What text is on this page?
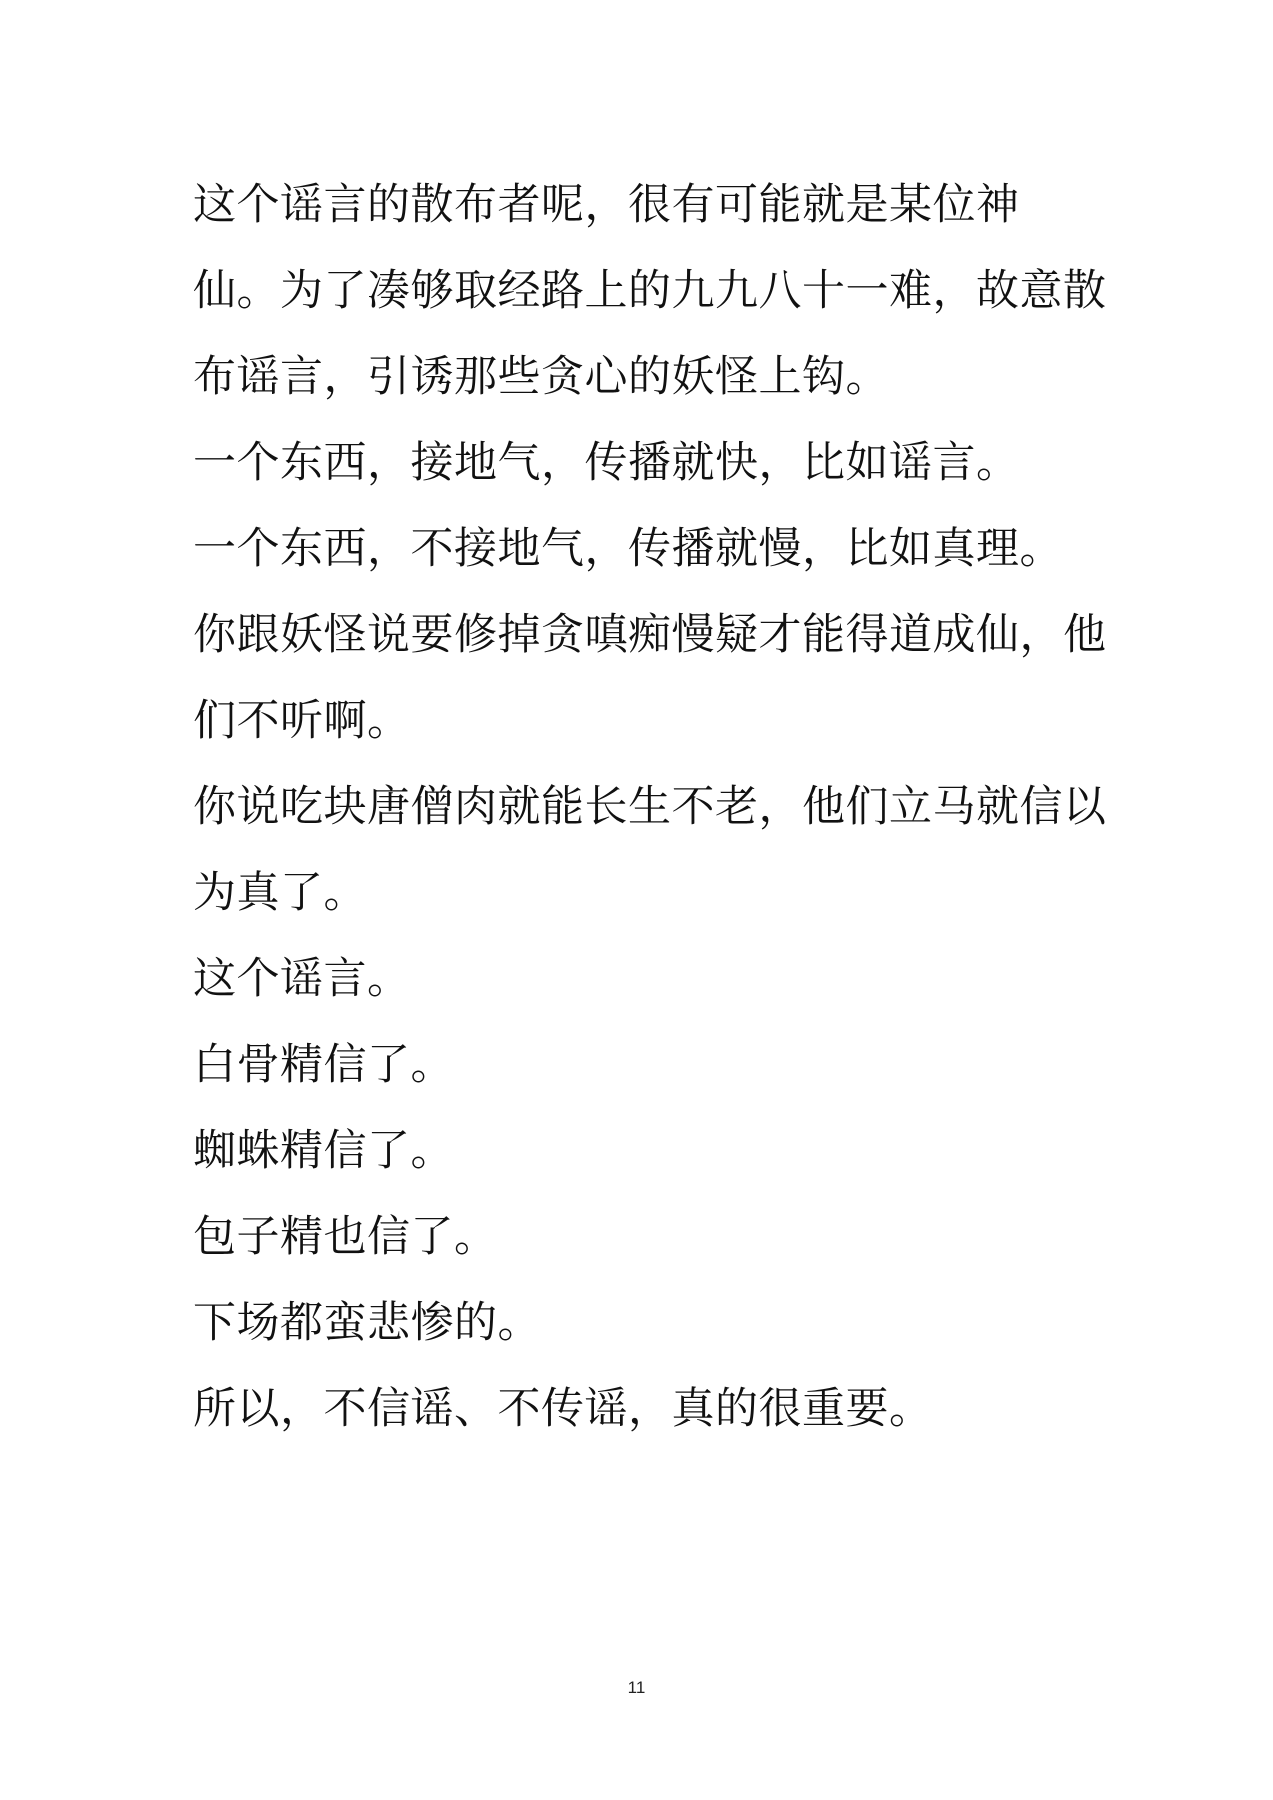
这个谣言的散布者呢，很有可能就是某位神
仙。为了凑够取经路上的九九八十一难，故意散
布谣言，引诱那些贪心的妖怪上钩。
一个东西，接地气，传播就快，比如谣言。
一个东西，不接地气，传播就慢，比如真理。
你跟妖怪说要修掉贪嗔痴慢疑才能得道成仙，他
们不听啊。
你说吃块唐僧肉就能长生不老，他们立马就信以
为真了。
这个谣言。
白骨精信了。
蜘蛛精信了。
包子精也信了。
下场都蛮悲惨的。
所以，不信谣、不传谣，真的很重要。
11
